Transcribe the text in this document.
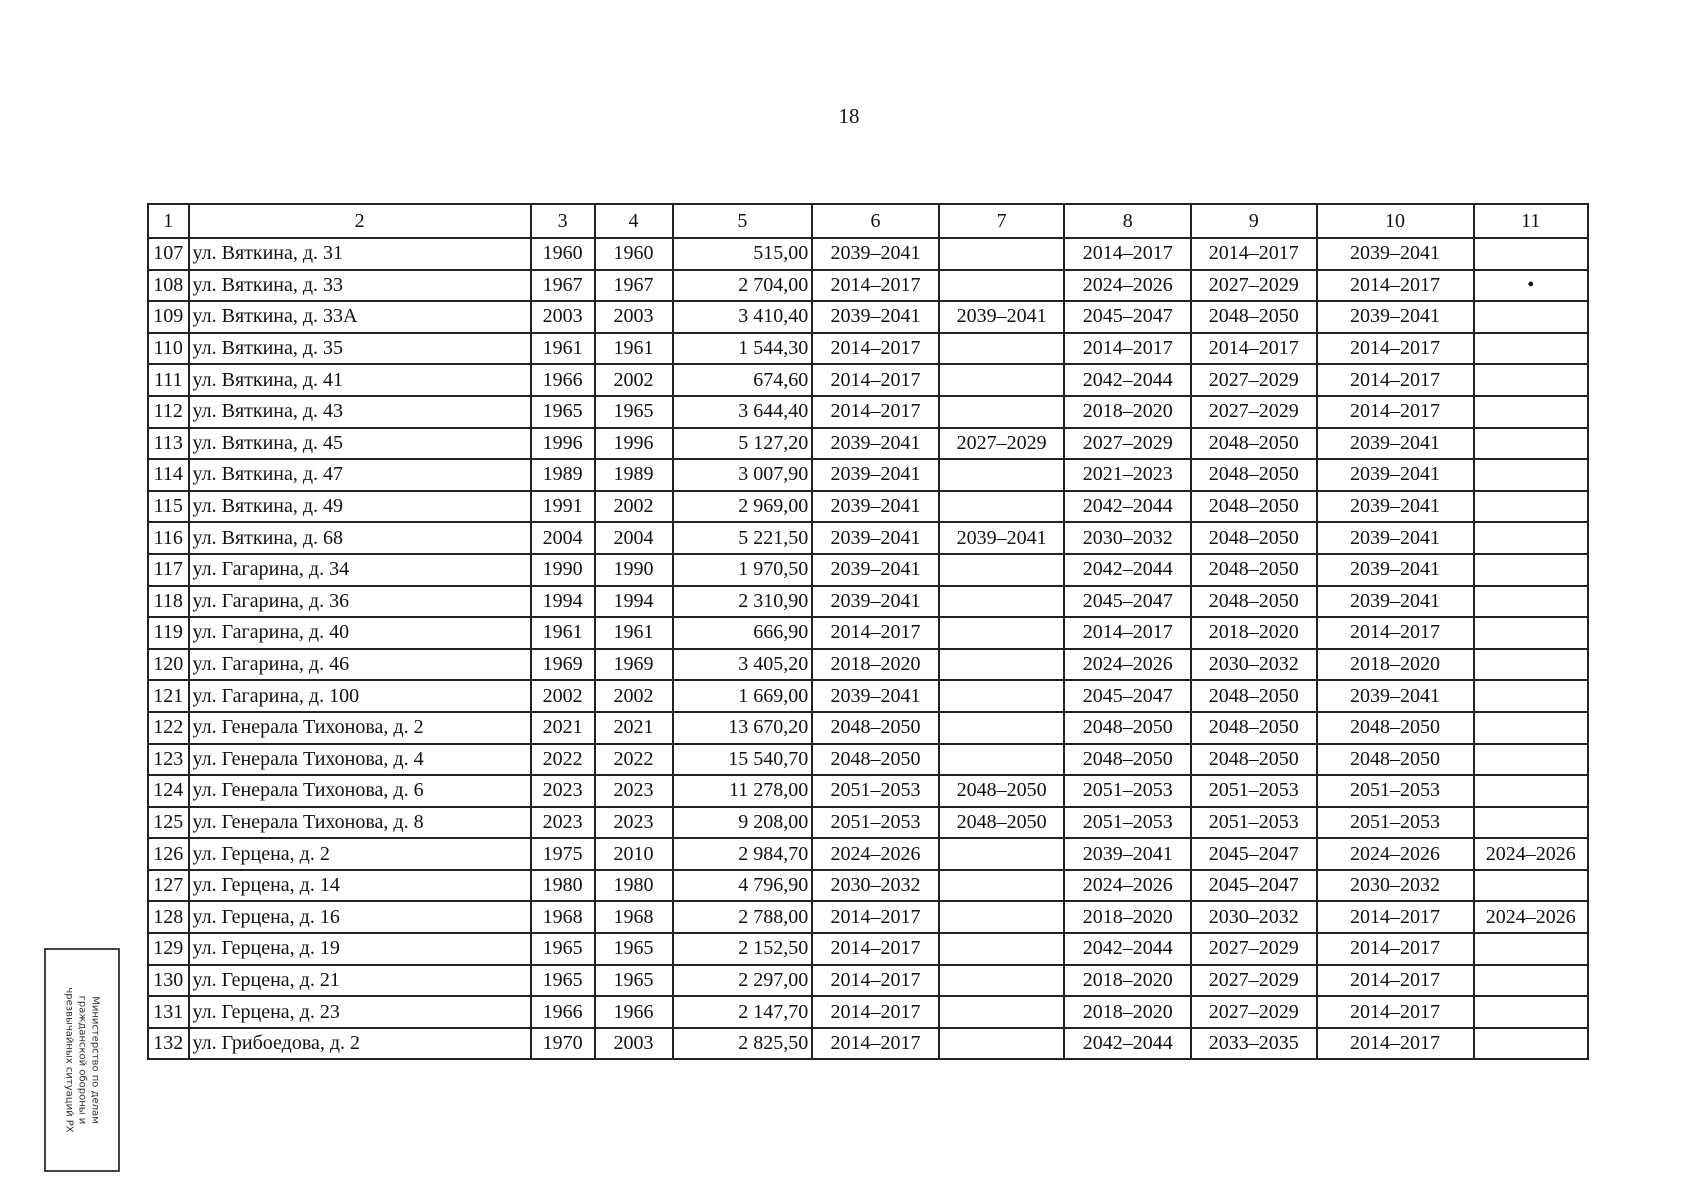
18
1	2	3	4	5	6	7	8	9	10	11
107	ул. Вяткина, д. 31	1960	1960	515,00	2039–2041		2014–2017	2014–2017	2039–2041	
108	ул. Вяткина, д. 33	1967	1967	2 704,00	2014–2017		2024–2026	2027–2029	2014–2017	•
109	ул. Вяткина, д. 33А	2003	2003	3 410,40	2039–2041	2039–2041	2045–2047	2048–2050	2039–2041	
110	ул. Вяткина, д. 35	1961	1961	1 544,30	2014–2017		2014–2017	2014–2017	2014–2017	
111	ул. Вяткина, д. 41	1966	2002	674,60	2014–2017		2042–2044	2027–2029	2014–2017	
112	ул. Вяткина, д. 43	1965	1965	3 644,40	2014–2017		2018–2020	2027–2029	2014–2017	
113	ул. Вяткина, д. 45	1996	1996	5 127,20	2039–2041	2027–2029	2027–2029	2048–2050	2039–2041	
114	ул. Вяткина, д. 47	1989	1989	3 007,90	2039–2041		2021–2023	2048–2050	2039–2041	
115	ул. Вяткина, д. 49	1991	2002	2 969,00	2039–2041		2042–2044	2048–2050	2039–2041	
116	ул. Вяткина, д. 68	2004	2004	5 221,50	2039–2041	2039–2041	2030–2032	2048–2050	2039–2041	
117	ул. Гагарина, д. 34	1990	1990	1 970,50	2039–2041		2042–2044	2048–2050	2039–2041	
118	ул. Гагарина, д. 36	1994	1994	2 310,90	2039–2041		2045–2047	2048–2050	2039–2041	
119	ул. Гагарина, д. 40	1961	1961	666,90	2014–2017		2014–2017	2018–2020	2014–2017	
120	ул. Гагарина, д. 46	1969	1969	3 405,20	2018–2020		2024–2026	2030–2032	2018–2020	
121	ул. Гагарина, д. 100	2002	2002	1 669,00	2039–2041		2045–2047	2048–2050	2039–2041	
122	ул. Генерала Тихонова, д. 2	2021	2021	13 670,20	2048–2050		2048–2050	2048–2050	2048–2050	
123	ул. Генерала Тихонова, д. 4	2022	2022	15 540,70	2048–2050		2048–2050	2048–2050	2048–2050	
124	ул. Генерала Тихонова, д. 6	2023	2023	11 278,00	2051–2053	2048–2050	2051–2053	2051–2053	2051–2053	
125	ул. Генерала Тихонова, д. 8	2023	2023	9 208,00	2051–2053	2048–2050	2051–2053	2051–2053	2051–2053	
126	ул. Герцена, д. 2	1975	2010	2 984,70	2024–2026		2039–2041	2045–2047	2024–2026	2024–2026
127	ул. Герцена, д. 14	1980	1980	4 796,90	2030–2032		2024–2026	2045–2047	2030–2032	
128	ул. Герцена, д. 16	1968	1968	2 788,00	2014–2017		2018–2020	2030–2032	2014–2017	2024–2026
129	ул. Герцена, д. 19	1965	1965	2 152,50	2014–2017		2042–2044	2027–2029	2014–2017	
130	ул. Герцена, д. 21	1965	1965	2 297,00	2014–2017		2018–2020	2027–2029	2014–2017	
131	ул. Герцена, д. 23	1966	1966	2 147,70	2014–2017		2018–2020	2027–2029	2014–2017	
132	ул. Грибоедова, д. 2	1970	2003	2 825,50	2014–2017		2042–2044	2033–2035	2014–2017	
Министерство по делам
гражданской обороны и
чрезвычайных ситуаций РХ
